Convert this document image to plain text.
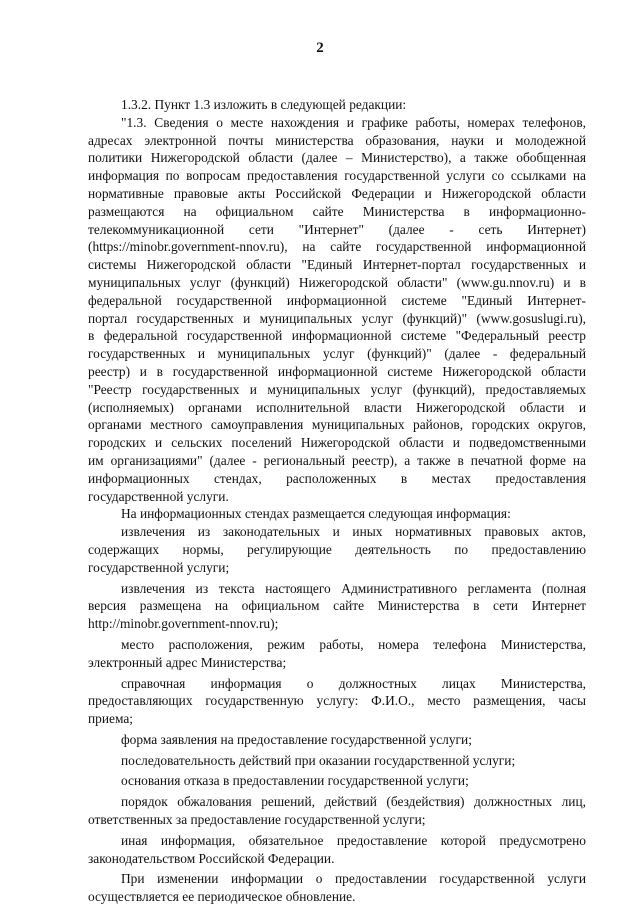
2
1.3.2. Пункт 1.3 изложить в следующей редакции:
"1.3. Сведения о месте нахождения и графике работы, номерах телефонов,
адресах электронной почты министерства образования, науки и молодежной
политики Нижегородской области (далее – Министерство), а также обобщенная
информация по вопросам предоставления государственной услуги со ссылками на
нормативные правовые акты Российской Федерации и Нижегородской области
размещаются на официальном сайте Министерства в информационно-
телекоммуникационной сети "Интернет" (далее - сеть Интернет)
(https://minobr.government-nnov.ru), на сайте государственной информационной
системы Нижегородской области "Единый Интернет-портал государственных и
муниципальных услуг (функций) Нижегородской области" (www.gu.nnov.ru) и в
федеральной государственной информационной системе "Единый Интернет-
портал государственных и муниципальных услуг (функций)" (www.gosuslugi.ru),
в федеральной государственной информационной системе "Федеральный реестр
государственных и муниципальных услуг (функций)" (далее - федеральный
реестр) и в государственной информационной системе Нижегородской области
"Реестр государственных и муниципальных услуг (функций), предоставляемых
(исполняемых) органами исполнительной власти Нижегородской области и
органами местного самоуправления муниципальных районов, городских округов,
городских и сельских поселений Нижегородской области и подведомственными
им организациями" (далее - региональный реестр), а также в печатной форме на
информационных стендах, расположенных в местах предоставления
государственной услуги.
На информационных стендах размещается следующая информация:
извлечения из законодательных и иных нормативных правовых актов,
содержащих нормы, регулирующие деятельность по предоставлению
государственной услуги;
извлечения из текста настоящего Административного регламента (полная
версия размещена на официальном сайте Министерства в сети Интернет
http://minobr.government-nnov.ru);
место расположения, режим работы, номера телефона Министерства,
электронный адрес Министерства;
справочная информация о должностных лицах Министерства,
предоставляющих государственную услугу: Ф.И.О., место размещения, часы
приема;
форма заявления на предоставление государственной услуги;
последовательность действий при оказании государственной услуги;
основания отказа в предоставлении государственной услуги;
порядок обжалования решений, действий (бездействия) должностных лиц,
ответственных за предоставление государственной услуги;
иная информация, обязательное предоставление которой предусмотрено
законодательством Российской Федерации.
При изменении информации о предоставлении государственной услуги
осуществляется ее периодическое обновление.
